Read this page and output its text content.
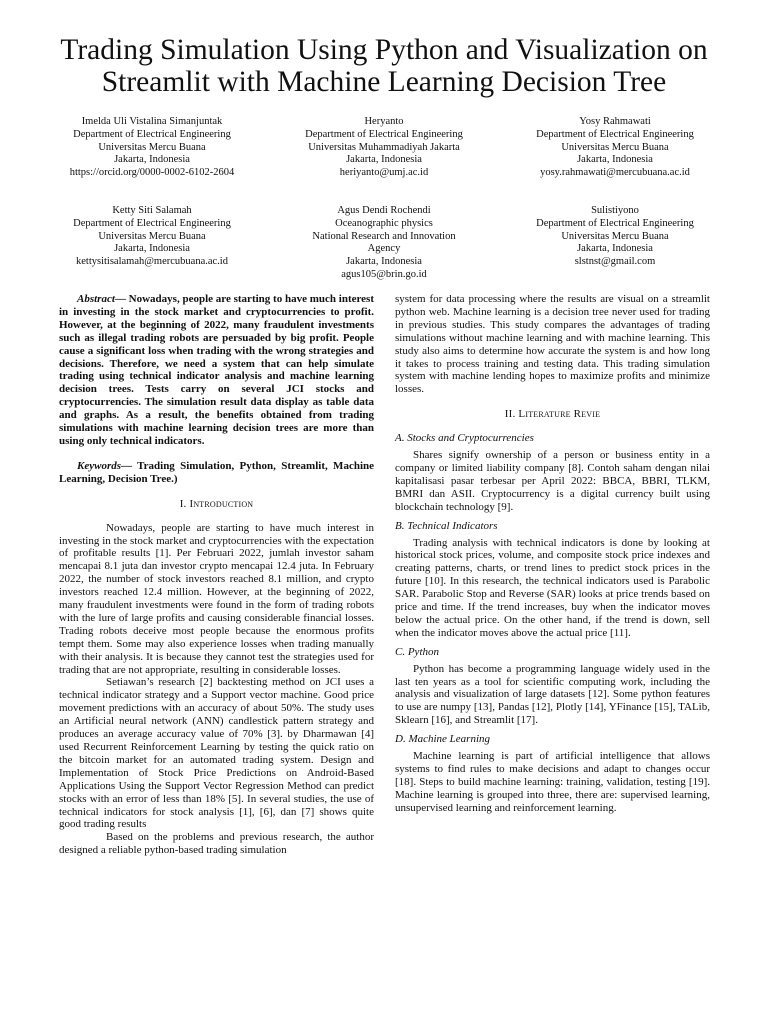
Trading Simulation Using Python and Visualization on Streamlit with Machine Learning Decision Tree
Imelda Uli Vistalina Simanjuntak
Department of Electrical Engineering
Universitas Mercu Buana
Jakarta, Indonesia
https://orcid.org/0000-0002-6102-2604
Heryanto
Department of Electrical Engineering
Universitas Muhammadiyah Jakarta
Jakarta, Indonesia
heriyanto@umj.ac.id
Yosy Rahmawati
Department of Electrical Engineering
Universitas Mercu Buana
Jakarta, Indonesia
yosy.rahmawati@mercubuana.ac.id
Ketty Siti Salamah
Department of Electrical Engineering
Universitas Mercu Buana
Jakarta, Indonesia
kettysitisalamah@mercubuana.ac.id
Agus Dendi Rochendi
Oceanographic physics
National Research and Innovation
Agency
Jakarta, Indonesia
agus105@brin.go.id
Sulistiyono
Department of Electrical Engineering
Universitas Mercu Buana
Jakarta, Indonesia
slstnst@gmail.com

Abstract— Nowadays, people are starting to have much interest in investing in the stock market and cryptocurrencies to profit. However, at the beginning of 2022, many fraudulent investments such as illegal trading robots are persuaded by big profit. People cause a significant loss when trading with the wrong strategies and decisions. Therefore, we need a system that can help simulate trading using technical indicator analysis and machine learning decision trees. Tests carry on several JCI stocks and cryptocurrencies. The simulation result data display as table data and graphs. As a result, the benefits obtained from trading simulations with machine learning decision trees are more than using only technical indicators.

Keywords— Trading Simulation, Python, Streamlit, Machine Learning, Decision Tree.)

I. Introduction

Nowadays, people are starting to have much interest in investing in the stock market and cryptocurrencies with the expectation of profitable results [1]. Per Februari 2022, jumlah investor saham mencapai 8.1 juta dan investor crypto mencapai 12.4 juta. In February 2022, the number of stock investors reached 8.1 million, and crypto investors reached 12.4 million. However, at the beginning of 2022, many fraudulent investments were found in the form of trading robots with the lure of large profits and causing considerable financial losses. Trading robots deceive most people because the enormous profits tempt them. Some may also experience losses when trading manually with their analysis. It is because they cannot test the strategies used for trading that are not appropriate, resulting in considerable losses.

Setiawan’s research [2] backtesting method on JCI uses a technical indicator strategy and a Support vector machine. Good price movement predictions with an accuracy of about 50%. The study uses an Artificial neural network (ANN) candlestick pattern strategy and produces an average accuracy value of 70% [3]. by Dharmawan [4] used Recurrent Reinforcement Learning by testing the quick ratio on the bitcoin market for an automated trading system. Design and Implementation of Stock Price Predictions on Android-Based Applications Using the Support Vector Regression Method can predict stocks with an error of less than 18% [5]. In several studies, the use of technical indicators for stock analysis [1], [6], dan [7] shows quite good trading results

Based on the problems and previous research, the author designed a reliable python-based trading simulation

system for data processing where the results are visual on a streamlit python web. Machine learning is a decision tree never used for trading in previous studies. This study compares the advantages of trading simulations without machine learning and with machine learning. This study also aims to determine how accurate the system is and how long it takes to process training and testing data. This trading simulation system with machine lending hopes to maximize profits and minimize losses.

II. Literature Revie
A. Stocks and Cryptocurrencies

Shares signify ownership of a person or business entity in a company or limited liability company [8]. Contoh saham dengan nilai kapitalisasi pasar terbesar per April 2022: BBCA, BBRI, TLKM, BMRI dan ASII. Cryptocurrency is a digital currency built using blockchain technology [9].

B. Technical Indicators

Trading analysis with technical indicators is done by looking at historical stock prices, volume, and composite stock price indexes and creating patterns, charts, or trend lines to predict stock prices in the future [10]. In this research, the technical indicators used is Parabolic SAR. Parabolic Stop and Reverse (SAR) looks at price trends based on price and time. If the trend increases, buy when the indicator moves below the actual price. On the other hand, if the trend is down, sell when the indicator moves above the actual price [11].

C. Python

Python has become a programming language widely used in the last ten years as a tool for scientific computing work, including the analysis and visualization of large datasets [12]. Some python features to use are numpy [13], Pandas [12], Plotly [14], YFinance [15], TALib, Sklearn [16], and Streamlit [17].

D. Machine Learning

Machine learning is part of artificial intelligence that allows systems to find rules to make decisions and adapt to changes occur [18]. Steps to build machine learning: training, validation, testing [19]. Machine learning is grouped into three, there are: supervised learning, unsupervised learning and reinforcement learning.
